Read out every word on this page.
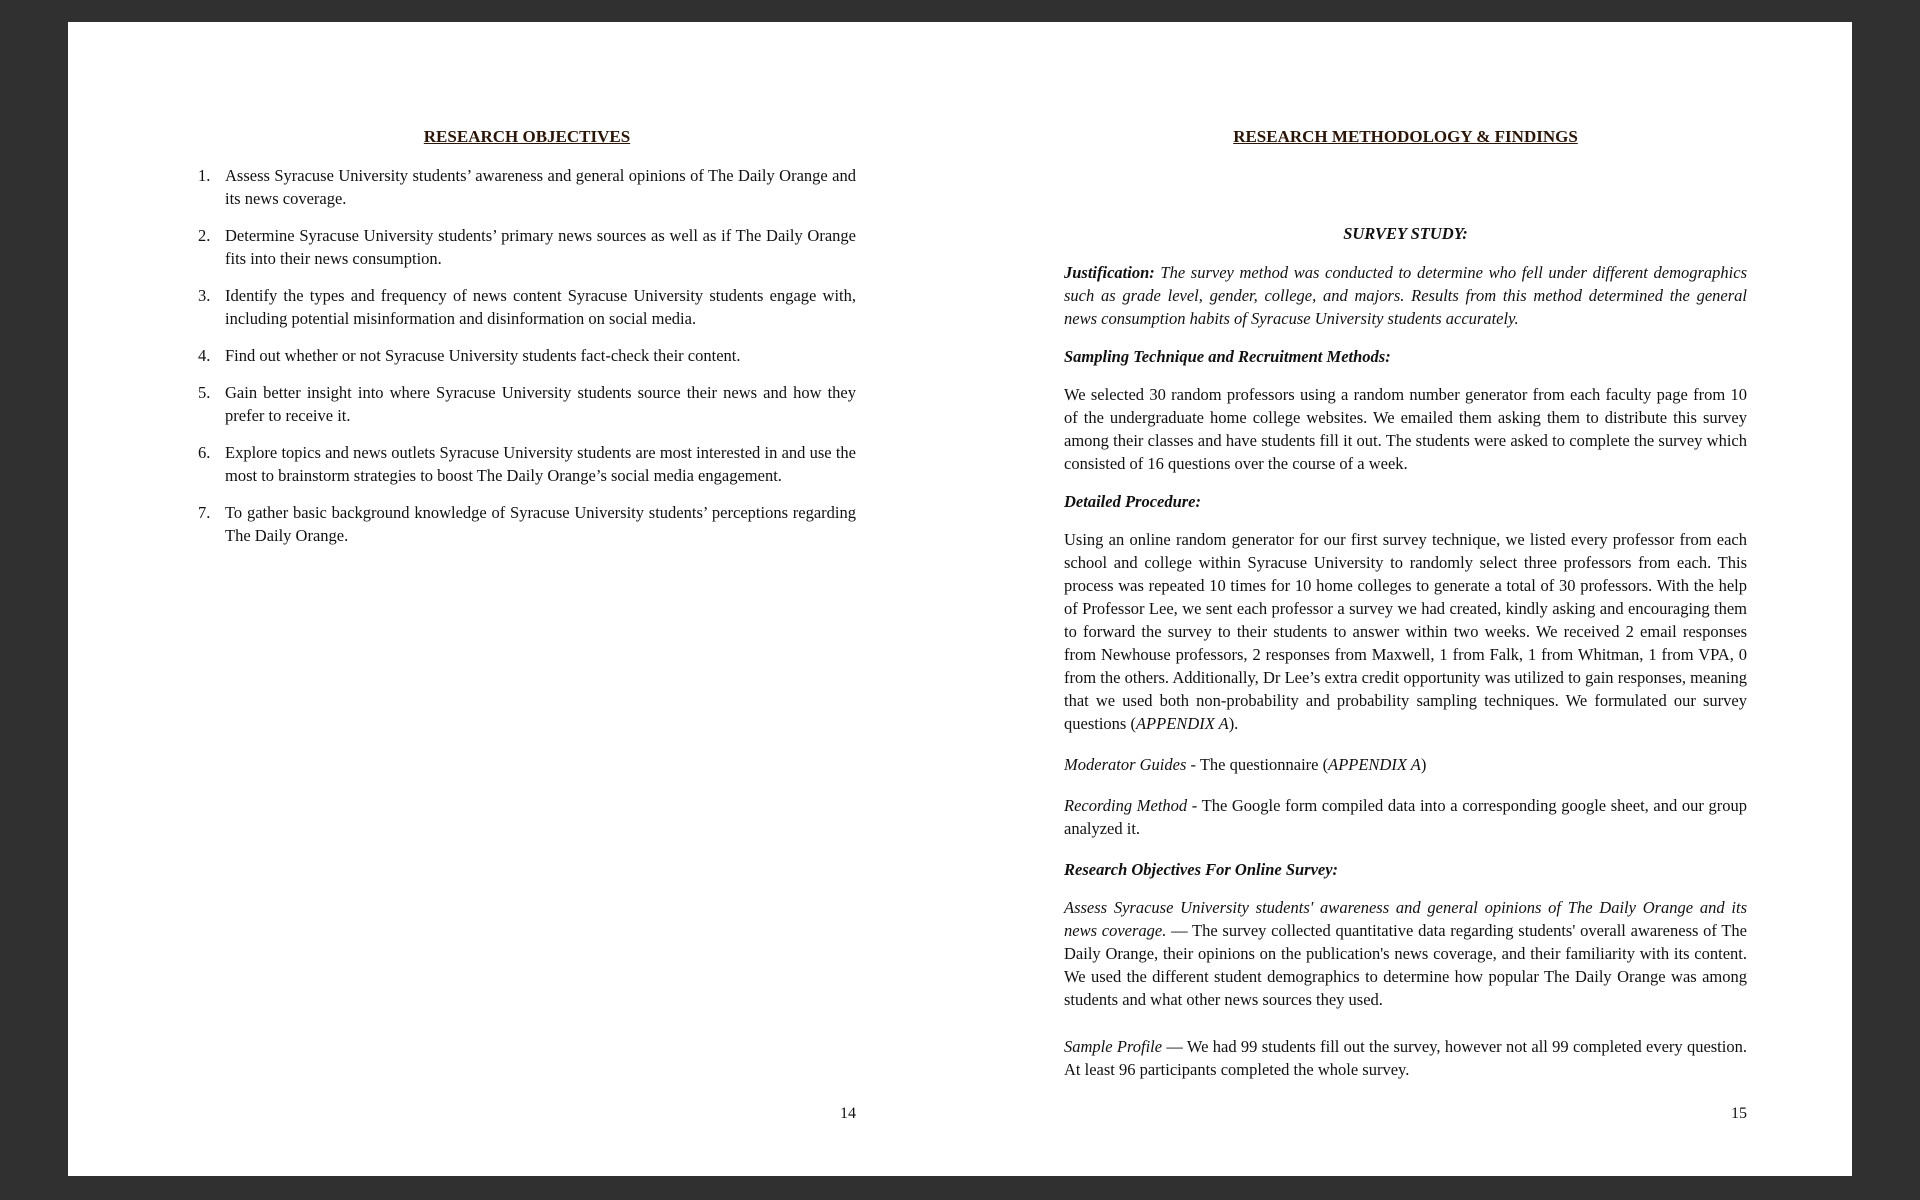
RESEARCH OBJECTIVES
1. Assess Syracuse University students’ awareness and general opinions of The Daily Orange and its news coverage.
2. Determine Syracuse University students’ primary news sources as well as if The Daily Orange fits into their news consumption.
3. Identify the types and frequency of news content Syracuse University students engage with, including potential misinformation and disinformation on social media.
4. Find out whether or not Syracuse University students fact-check their content.
5. Gain better insight into where Syracuse University students source their news and how they prefer to receive it.
6. Explore topics and news outlets Syracuse University students are most interested in and use the most to brainstorm strategies to boost The Daily Orange’s social media engagement.
7. To gather basic background knowledge of Syracuse University students’ perceptions regarding The Daily Orange.
14
RESEARCH METHODOLOGY & FINDINGS

SURVEY STUDY:

Justification: The survey method was conducted to determine who fell under different demographics such as grade level, gender, college, and majors. Results from this method determined the general news consumption habits of Syracuse University students accurately.

Sampling Technique and Recruitment Methods:

We selected 30 random professors using a random number generator from each faculty page from 10 of the undergraduate home college websites. We emailed them asking them to distribute this survey among their classes and have students fill it out. The students were asked to complete the survey which consisted of 16 questions over the course of a week.

Detailed Procedure:

Using an online random generator for our first survey technique, we listed every professor from each school and college within Syracuse University to randomly select three professors from each. This process was repeated 10 times for 10 home colleges to generate a total of 30 professors. With the help of Professor Lee, we sent each professor a survey we had created, kindly asking and encouraging them to forward the survey to their students to answer within two weeks. We received 2 email responses from Newhouse professors, 2 responses from Maxwell, 1 from Falk, 1 from Whitman, 1 from VPA, 0 from the others. Additionally, Dr Lee’s extra credit opportunity was utilized to gain responses, meaning that we used both non-probability and probability sampling techniques. We formulated our survey questions (APPENDIX A).

Moderator Guides - The questionnaire (APPENDIX A)

Recording Method - The Google form compiled data into a corresponding google sheet, and our group analyzed it.

Research Objectives For Online Survey:

Assess Syracuse University students' awareness and general opinions of The Daily Orange and its news coverage. — The survey collected quantitative data regarding students' overall awareness of The Daily Orange, their opinions on the publication's news coverage, and their familiarity with its content. We used the different student demographics to determine how popular The Daily Orange was among students and what other news sources they used.

Sample Profile — We had 99 students fill out the survey, however not all 99 completed every question. At least 96 participants completed the whole survey.

15
